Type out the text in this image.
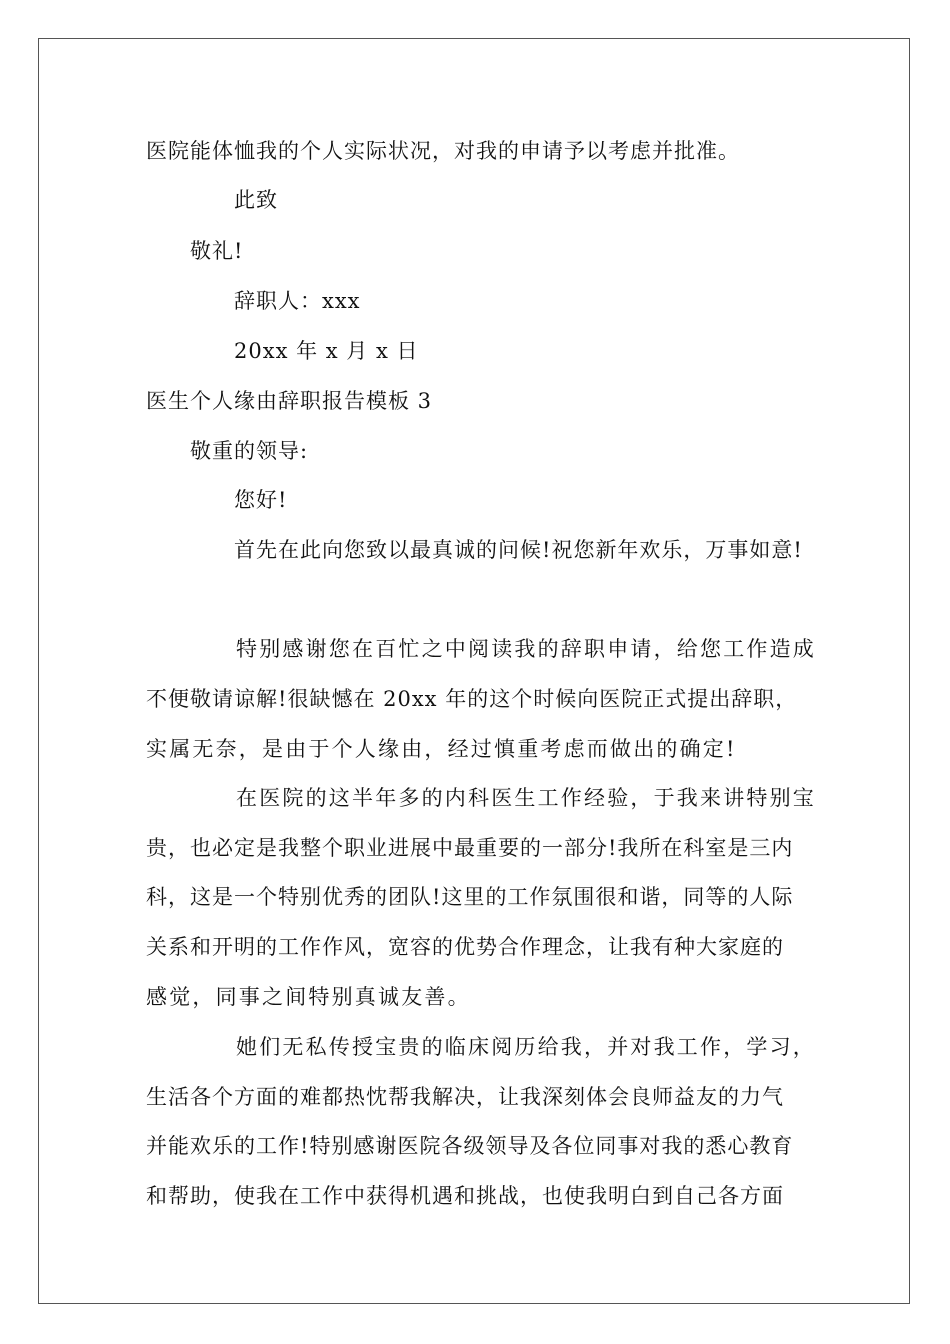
医院能体恤我的个人实际状况，对我的申请予以考虑并批准。
此致
敬礼!
辞职人：xxx
20xx 年 x 月 x 日
医生个人缘由辞职报告模板 3
敬重的领导:
您好!
首先在此向您致以最真诚的问候!祝您新年欢乐，万事如意!
特别感谢您在百忙之中阅读我的辞职申请，给您工作造成
不便敬请谅解!很缺憾在 20xx 年的这个时候向医院正式提出辞职，
实属无奈，是由于个人缘由，经过慎重考虑而做出的确定!
在医院的这半年多的内科医生工作经验，于我来讲特别宝
贵，也必定是我整个职业进展中最重要的一部分!我所在科室是三内
科，这是一个特别优秀的团队!这里的工作氛围很和谐，同等的人际
关系和开明的工作作风，宽容的优势合作理念，让我有种大家庭的
感觉，同事之间特别真诚友善。
她们无私传授宝贵的临床阅历给我，并对我工作，学习，
生活各个方面的难都热忱帮我解决，让我深刻体会良师益友的力气
并能欢乐的工作!特别感谢医院各级领导及各位同事对我的悉心教育
和帮助，使我在工作中获得机遇和挑战，也使我明白到自己各方面
